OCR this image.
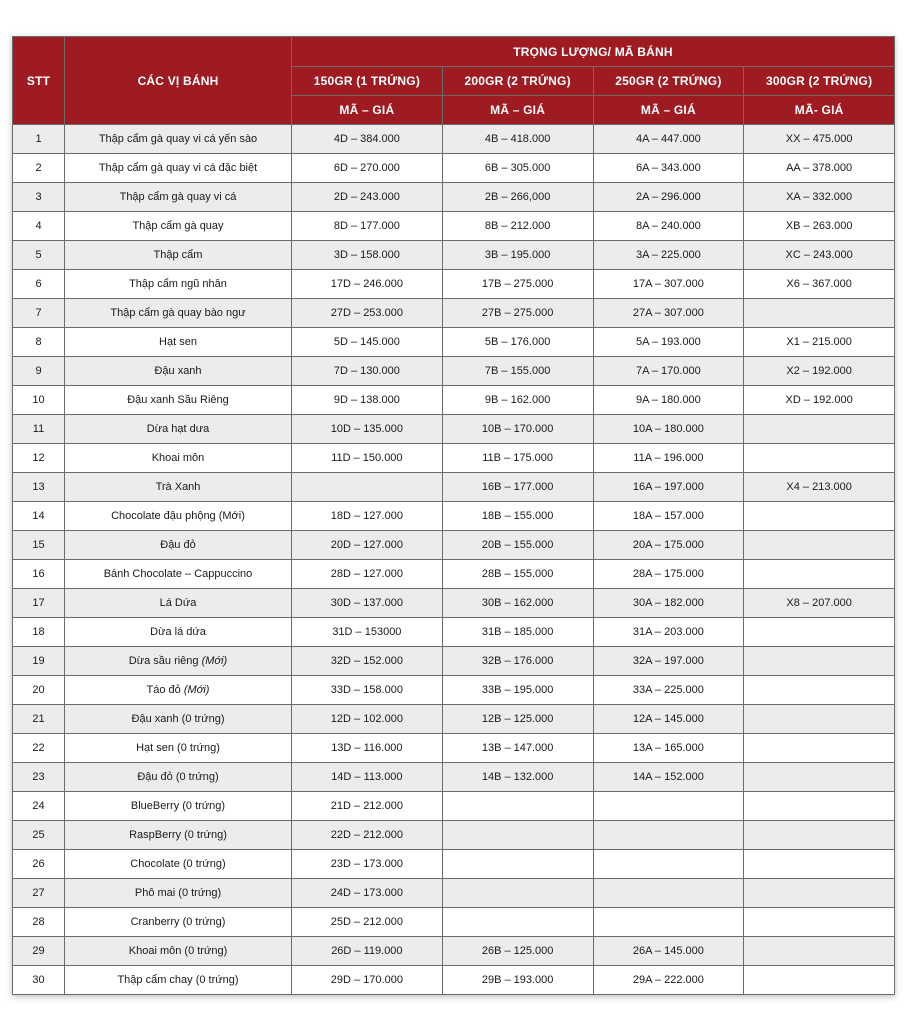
STT	CÁC VỊ BÁNH	TRỌNG LƯỢNG/ MÃ BÁNH			
		150GR (1 TRỨNG)	200GR (2 TRỨNG)	250GR (2 TRỨNG)	300GR (2 TRỨNG)
		MÃ – GIÁ	MÃ – GIÁ	MÃ – GIÁ	MÃ- GIÁ
1	Thập cẩm gà quay vi cá yến sào	4D – 384.000	4B – 418.000	4A – 447.000	XX – 475.000
2	Thập cẩm gà quay vi cá đặc biệt	6D – 270.000	6B – 305.000	6A – 343.000	AA – 378.000
3	Thập cẩm gà quay vi cá	2D – 243.000	2B – 266,000	2A – 296.000	XA – 332.000
4	Thập cẩm gà quay	8D – 177.000	8B – 212.000	8A – 240.000	XB – 263.000
5	Thập cẩm	3D – 158.000	3B – 195.000	3A – 225.000	XC – 243.000
6	Thập cẩm ngũ nhân	17D – 246.000	17B – 275.000	17A – 307.000	X6 – 367.000
7	Thập cẩm gà quay bào ngư	27D – 253.000	27B – 275.000	27A – 307.000	
8	Hạt sen	5D – 145.000	5B – 176.000	5A – 193.000	X1 – 215.000
9	Đậu xanh	7D – 130.000	7B – 155.000	7A – 170.000	X2 – 192.000
10	Đậu xanh Sầu Riêng	9D – 138.000	9B – 162.000	9A – 180.000	XD – 192.000
11	Dừa hạt dưa	10D – 135.000	10B – 170.000	10A – 180.000	
12	Khoai môn	11D – 150.000	11B – 175.000	11A – 196.000	
13	Trà Xanh		16B – 177.000	16A – 197.000	X4 – 213.000
14	Chocolate đậu phộng (Mới)	18D – 127.000	18B – 155.000	18A – 157.000	
15	Đậu đỏ	20D – 127.000	20B – 155.000	20A – 175.000	
16	Bánh Chocolate – Cappuccino	28D – 127.000	28B – 155.000	28A – 175.000	
17	Lá Dứa	30D – 137.000	30B – 162.000	30A – 182.000	X8 – 207.000
18	Dừa lá dứa	31D – 153000	31B – 185.000	31A – 203.000	
19	Dừa sầu riêng (Mới)	32D – 152.000	32B – 176.000	32A – 197.000	
20	Táo đỏ (Mới)	33D – 158.000	33B – 195.000	33A – 225.000	
21	Đậu xanh (0 trứng)	12D – 102.000	12B – 125.000	12A – 145.000	
22	Hạt sen (0 trứng)	13D – 116.000	13B – 147.000	13A – 165.000	
23	Đậu đỏ (0 trứng)	14D – 113.000	14B – 132.000	14A – 152.000	
24	BlueBerry (0 trứng)	21D – 212.000			
25	RaspBerry (0 trứng)	22D – 212.000			
26	Chocolate (0 trứng)	23D – 173.000			
27	Phô mai (0 trứng)	24D – 173.000			
28	Cranberry (0 trứng)	25D – 212.000			
29	Khoai môn (0 trứng)	26D – 119.000	26B – 125.000	26A – 145.000	
30	Thập cẩm chay (0 trứng)	29D – 170.000	29B – 193.000	29A – 222.000	
